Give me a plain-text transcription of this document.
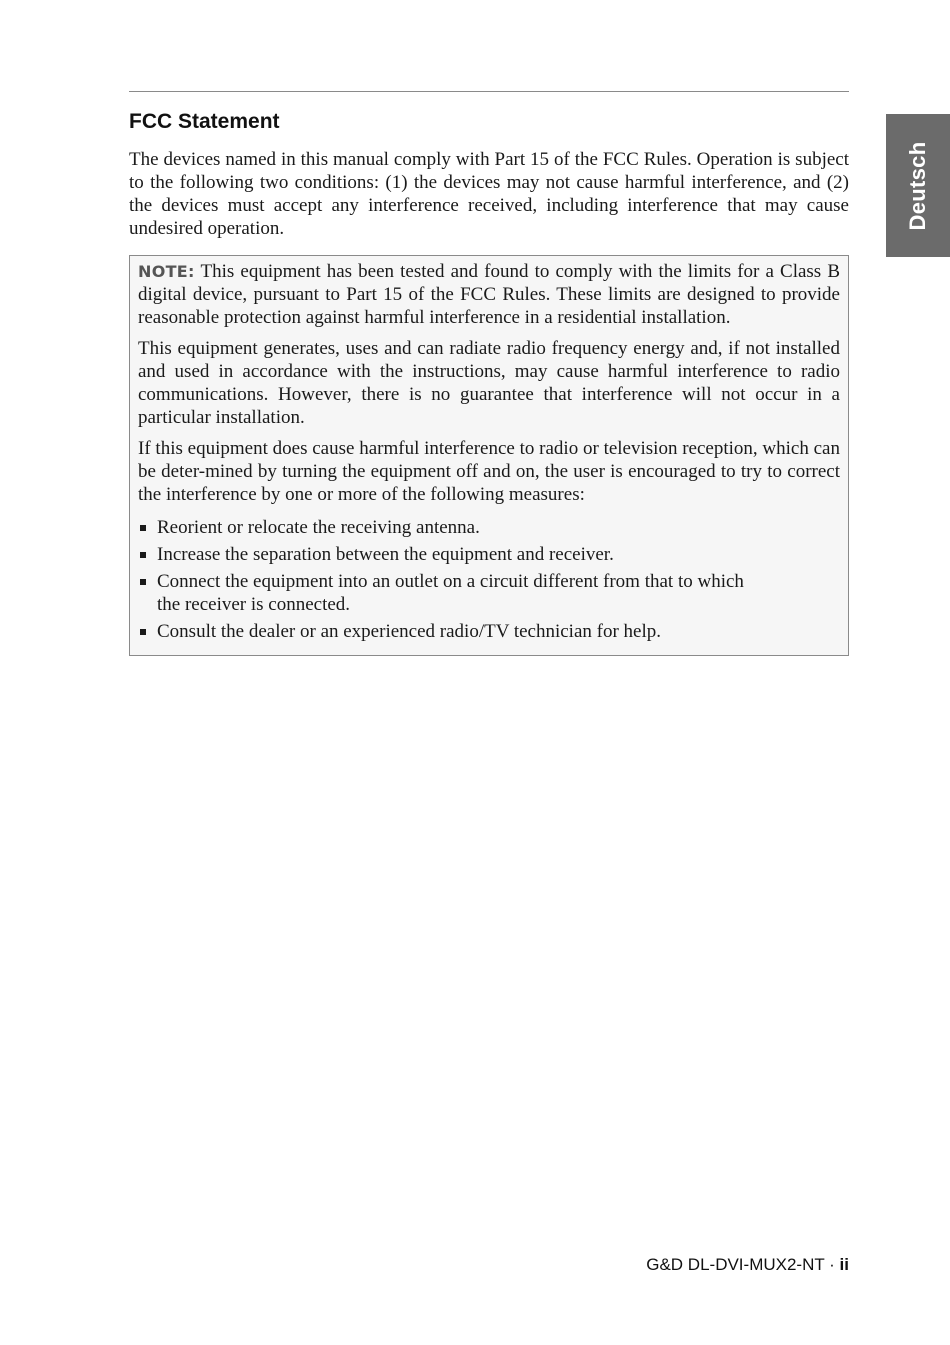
Deutsch
FCC Statement

The devices named in this manual comply with Part 15 of the FCC Rules. Operation is subject to the following two conditions: (1) the devices may not cause harmful interference, and (2) the devices must accept any interference received, including interference that may cause undesired operation.

NOTE: This equipment has been tested and found to comply with the limits for a Class B digital device, pursuant to Part 15 of the FCC Rules. These limits are designed to provide reasonable protection against harmful interference in a residential installation.

This equipment generates, uses and can radiate radio frequency energy and, if not installed and used in accordance with the instructions, may cause harmful interference to radio communications. However, there is no guarantee that interference will not occur in a particular installation.

If this equipment does cause harmful interference to radio or television reception, which can be deter-mined by turning the equipment off and on, the user is encouraged to try to correct the interference by one or more of the following measures:

Reorient or relocate the receiving antenna.
Increase the separation between the equipment and receiver.
Connect the equipment into an outlet on a circuit different from that to which the receiver is connected.
Consult the dealer or an experienced radio/TV technician for help.
G&D DL-DVI-MUX2-NT · ii
